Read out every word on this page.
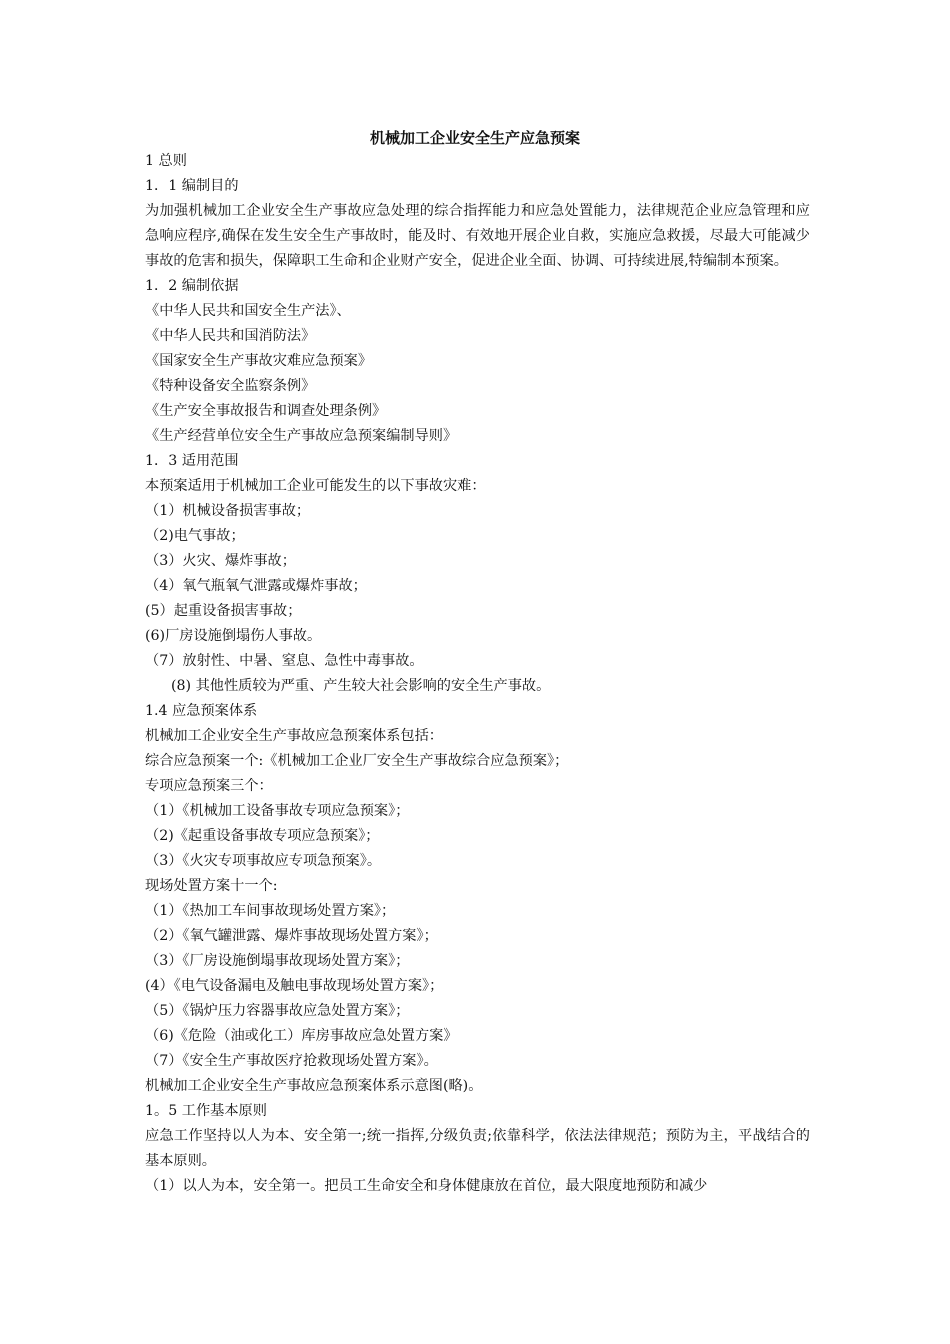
机械加工企业安全生产应急预案
1 总则
1．1 编制目的
为加强机械加工企业安全生产事故应急处理的综合指挥能力和应急处置能力，法律规范企业应急管理和应急响应程序,确保在发生安全生产事故时，能及时、有效地开展企业自救，实施应急救援，尽最大可能减少事故的危害和损失，保障职工生命和企业财产安全，促进企业全面、协调、可持续进展,特编制本预案。
1．2 编制依据
《中华人民共和国安全生产法》、
《中华人民共和国消防法》
《国家安全生产事故灾难应急预案》
《特种设备安全监察条例》
《生产安全事故报告和调查处理条例》
《生产经营单位安全生产事故应急预案编制导则》
1．3 适用范围
本预案适用于机械加工企业可能发生的以下事故灾难：
（1）机械设备损害事故；
（2)电气事故；
（3）火灾、爆炸事故；
（4）氧气瓶氧气泄露或爆炸事故；
(5）起重设备损害事故；
(6)厂房设施倒塌伤人事故。
（7）放射性、中暑、窒息、急性中毒事故。
(8) 其他性质较为严重、产生较大社会影响的安全生产事故。
1.4 应急预案体系
机械加工企业安全生产事故应急预案体系包括：
综合应急预案一个:《机械加工企业厂安全生产事故综合应急预案》；
专项应急预案三个：
（1）《机械加工设备事故专项应急预案》；
（2)《起重设备事故专项应急预案》；
（3）《火灾专项事故应专项急预案》。
现场处置方案十一个:
（1）《热加工车间事故现场处置方案》；
（2）《氧气罐泄露、爆炸事故现场处置方案》；
（3）《厂房设施倒塌事故现场处置方案》；
(4）《电气设备漏电及触电事故现场处置方案》；
（5）《锅炉压力容器事故应急处置方案》；
（6)《危险（油或化工）库房事故应急处置方案》
（7）《安全生产事故医疗抢救现场处置方案》。
机械加工企业安全生产事故应急预案体系示意图(略)。
1。5 工作基本原则
应急工作坚持以人为本、安全第一;统一指挥,分级负责;依靠科学，依法法律规范；预防为主，平战结合的基本原则。
（1）以人为本，安全第一。把员工生命安全和身体健康放在首位，最大限度地预防和减少
